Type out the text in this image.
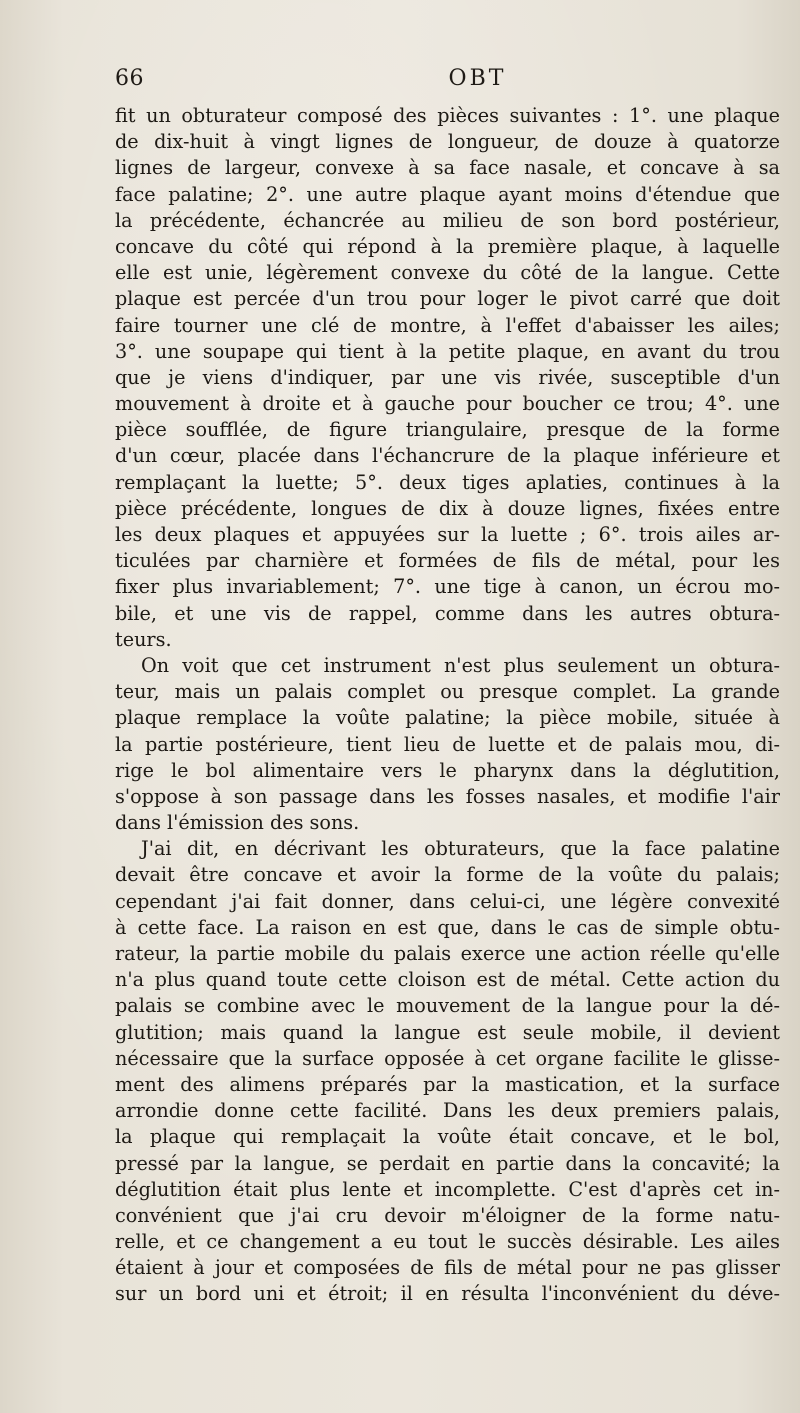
66	OBT
fit un obturateur composé des pièces suivantes : 1°. une plaque
de dix-huit à vingt lignes de longueur, de douze à quatorze
lignes de largeur, convexe à sa face nasale, et concave à sa
face palatine; 2°. une autre plaque ayant moins d'étendue que
la précédente, échancrée au milieu de son bord postérieur,
concave du côté qui répond à la première plaque, à laquelle
elle est unie, légèrement convexe du côté de la langue. Cette
plaque est percée d'un trou pour loger le pivot carré que doit
faire tourner une clé de montre, à l'effet d'abaisser les ailes;
3°. une soupape qui tient à la petite plaque, en avant du trou
que je viens d'indiquer, par une vis rivée, susceptible d'un
mouvement à droite et à gauche pour boucher ce trou; 4°. une
pièce soufflée, de figure triangulaire, presque de la forme
d'un cœur, placée dans l'échancrure de la plaque inférieure et
remplaçant la luette; 5°. deux tiges aplaties, continues à la
pièce précédente, longues de dix à douze lignes, fixées entre
les deux plaques et appuyées sur la luette ; 6°. trois ailes ar-
ticulées par charnière et formées de fils de métal, pour les
fixer plus invariablement; 7°. une tige à canon, un écrou mo-
bile, et une vis de rappel, comme dans les autres obtura-
teurs.
On voit que cet instrument n'est plus seulement un obtura-
teur, mais un palais complet ou presque complet. La grande
plaque remplace la voûte palatine; la pièce mobile, située à
la partie postérieure, tient lieu de luette et de palais mou, di-
rige le bol alimentaire vers le pharynx dans la déglutition,
s'oppose à son passage dans les fosses nasales, et modifie l'air
dans l'émission des sons.
J'ai dit, en décrivant les obturateurs, que la face palatine
devait être concave et avoir la forme de la voûte du palais;
cependant j'ai fait donner, dans celui-ci, une légère convexité
à cette face. La raison en est que, dans le cas de simple obtu-
rateur, la partie mobile du palais exerce une action réelle qu'elle
n'a plus quand toute cette cloison est de métal. Cette action du
palais se combine avec le mouvement de la langue pour la dé-
glutition; mais quand la langue est seule mobile, il devient
nécessaire que la surface opposée à cet organe facilite le glisse-
ment des alimens préparés par la mastication, et la surface
arrondie donne cette facilité. Dans les deux premiers palais,
la plaque qui remplaçait la voûte était concave, et le bol,
pressé par la langue, se perdait en partie dans la concavité; la
déglutition était plus lente et incomplette. C'est d'après cet in-
convénient que j'ai cru devoir m'éloigner de la forme natu-
relle, et ce changement a eu tout le succès désirable. Les ailes
étaient à jour et composées de fils de métal pour ne pas glisser
sur un bord uni et étroit; il en résulta l'inconvénient du déve-
